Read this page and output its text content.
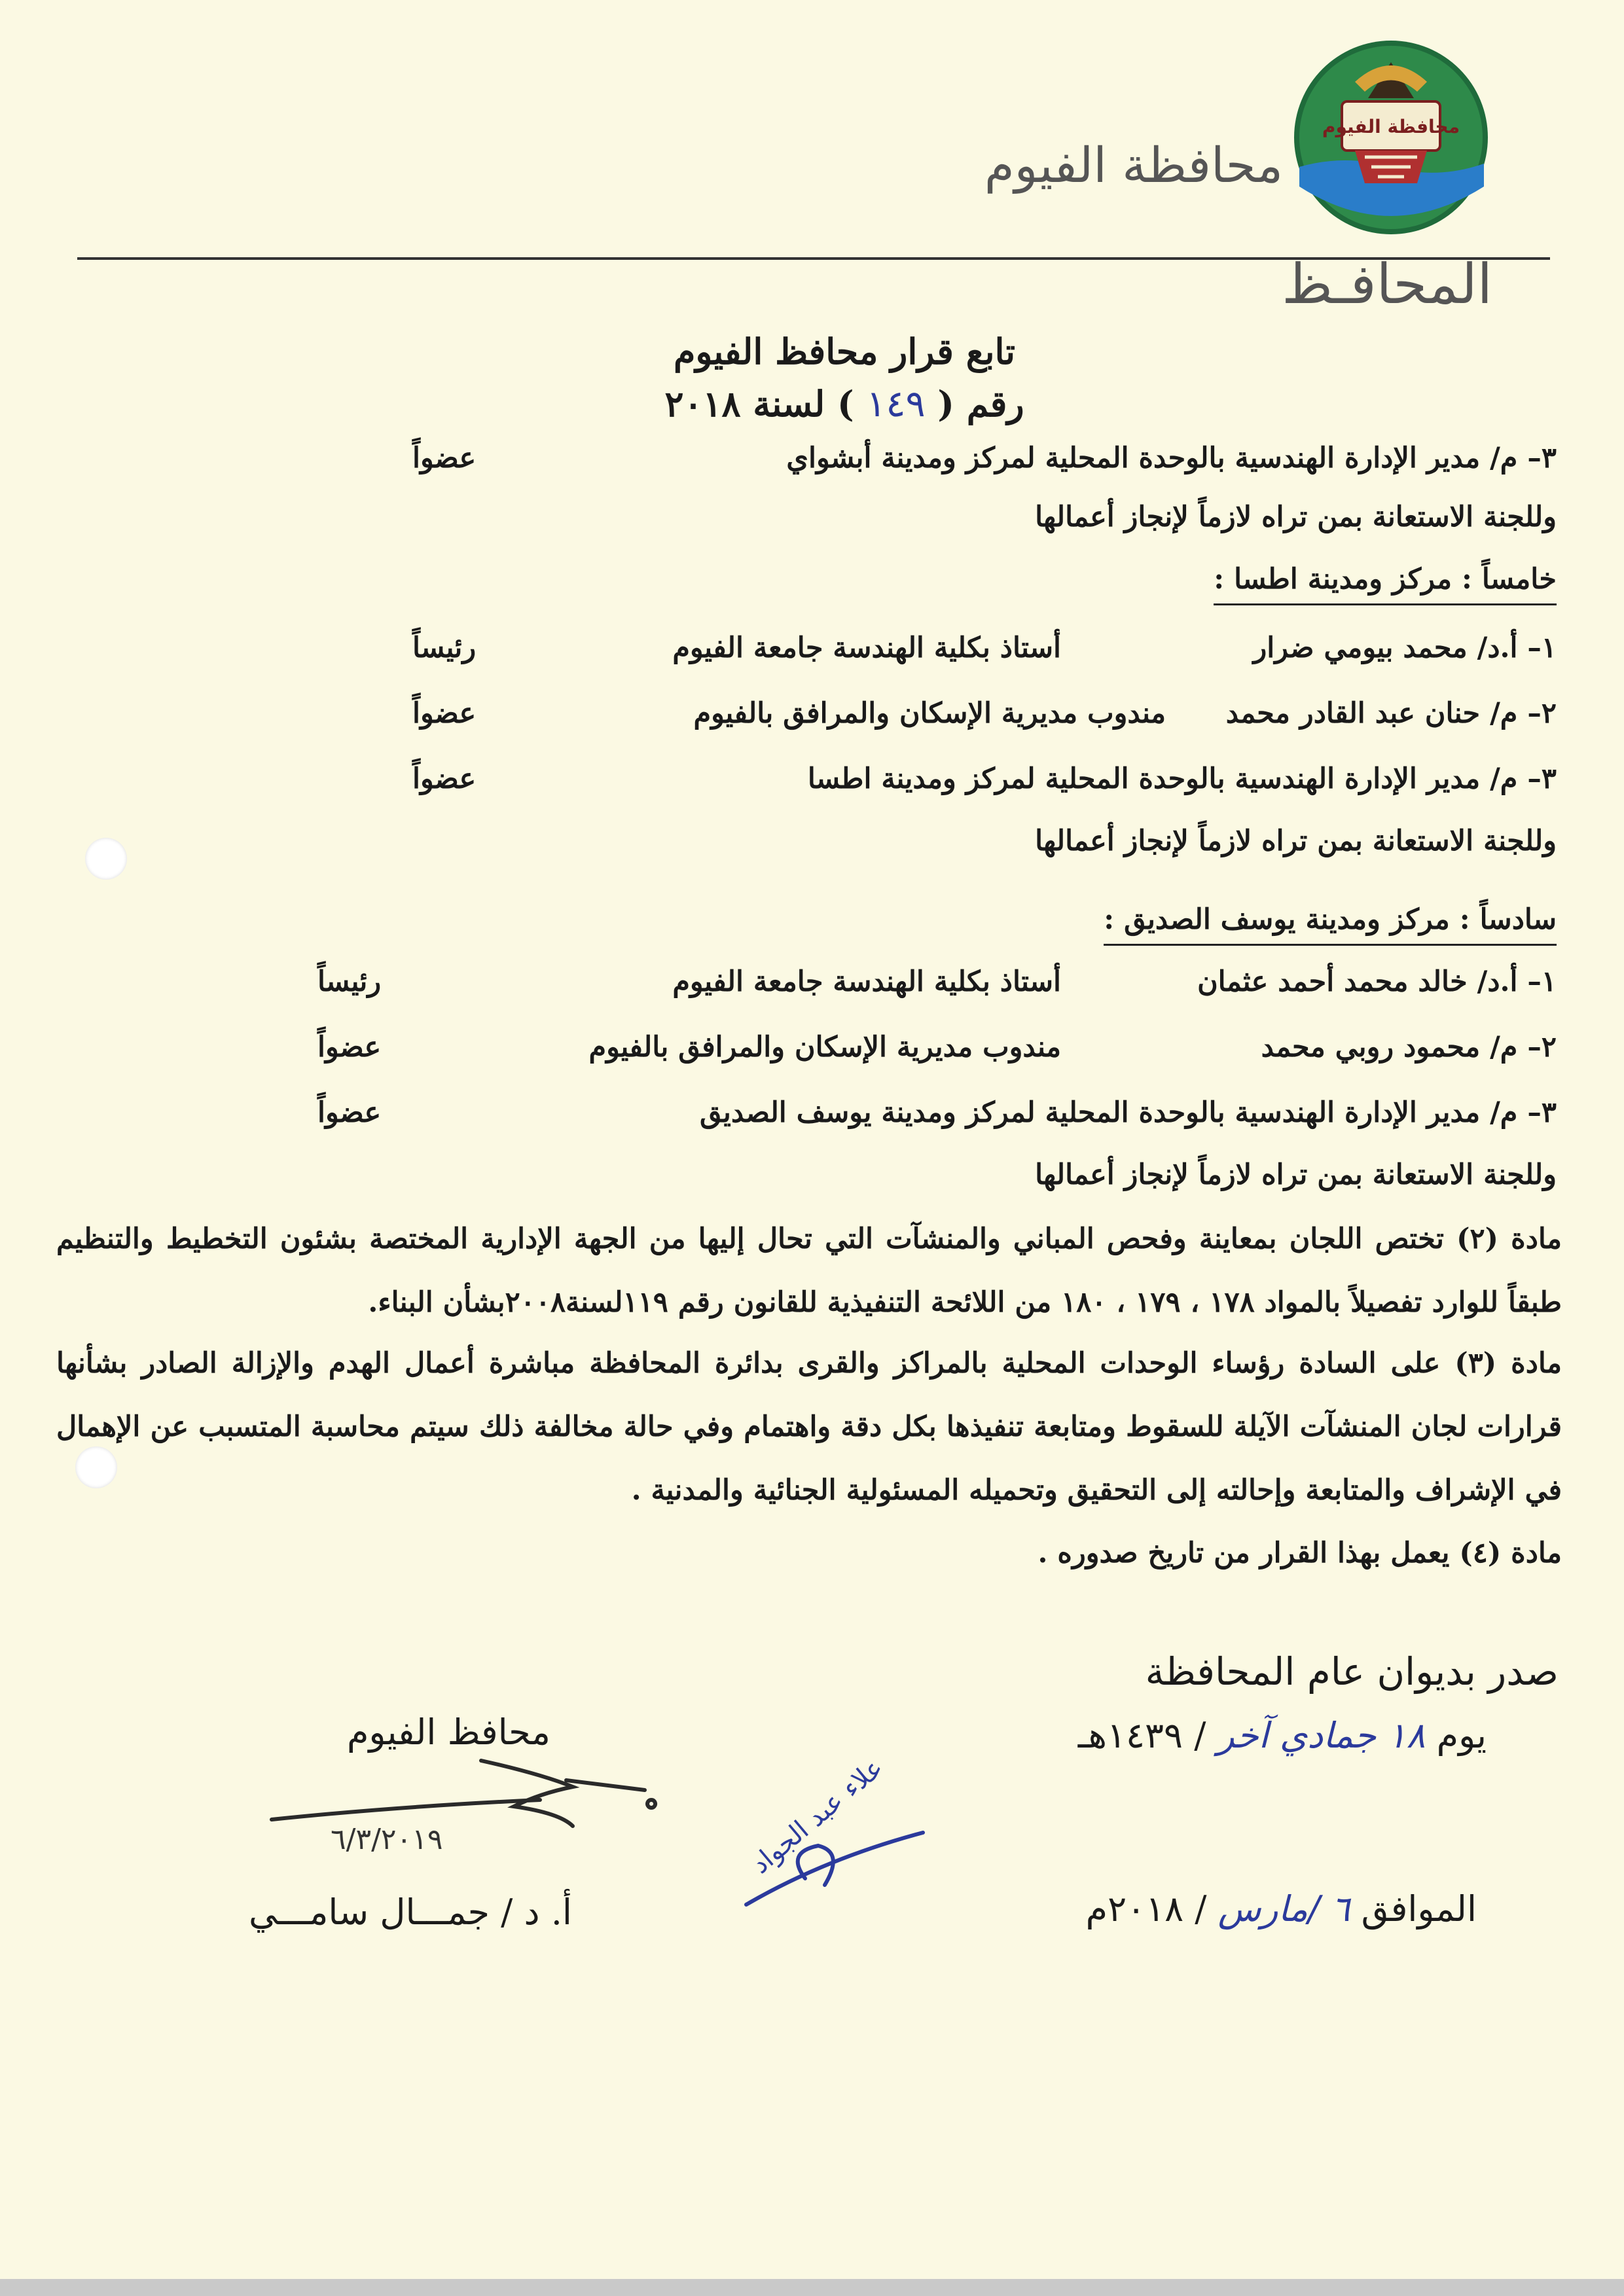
محافظة الفيوم
محافظة الفيوم
المحافـظ
تابع قرار محافظ الفيوم
رقم ( ١٤٩ ) لسنة ٢٠١٨
٣– م/ مدير الإدارة الهندسية بالوحدة المحلية لمركز ومدينة أبشواي
عضواً
وللجنة الاستعانة بمن تراه لازماً لإنجاز أعمالها
خامساً : مركز ومدينة اطسا :
١– أ.د/ محمد بيومي ضرار
أستاذ بكلية الهندسة جامعة الفيوم
رئيساً
٢– م/ حنان عبد القادر محمد
مندوب مديرية الإسكان والمرافق بالفيوم
عضواً
٣– م/ مدير الإدارة الهندسية بالوحدة المحلية لمركز ومدينة اطسا
عضواً
وللجنة الاستعانة بمن تراه لازماً لإنجاز أعمالها
سادساً : مركز ومدينة يوسف الصديق :
١– أ.د/ خالد محمد أحمد عثمان
أستاذ بكلية الهندسة جامعة الفيوم
رئيساً
٢– م/ محمود روبي محمد
مندوب مديرية الإسكان والمرافق بالفيوم
عضواً
٣– م/ مدير الإدارة الهندسية بالوحدة المحلية لمركز ومدينة يوسف الصديق
عضواً
وللجنة الاستعانة بمن تراه لازماً لإنجاز أعمالها
مادة (٢) تختص اللجان بمعاينة وفحص المباني والمنشآت التي تحال إليها من الجهة الإدارية المختصة بشئون التخطيط والتنظيم طبقاً للوارد تفصيلاً بالمواد ١٧٨ ، ١٧٩ ، ١٨٠ من اللائحة التنفيذية للقانون رقم ١١٩لسنة٢٠٠٨بشأن البناء.
مادة (٣) على السادة رؤساء الوحدات المحلية بالمراكز والقرى بدائرة المحافظة مباشرة أعمال الهدم والإزالة الصادر بشأنها قرارات لجان المنشآت الآيلة للسقوط ومتابعة تنفيذها بكل دقة واهتمام وفي حالة مخالفة ذلك سيتم محاسبة المتسبب عن الإهمال في الإشراف والمتابعة وإحالته إلى التحقيق وتحميله المسئولية الجنائية والمدنية .
مادة (٤) يعمل بهذا القرار من تاريخ صدوره .
صدر بديوان عام المحافظة
يوم ١٨ جمادي آخر / ١٤٣٩هـ
الموافق ٦ /مارس / ٢٠١٨م
محافظ الفيوم
٦/٣/٢٠١٩
أ. د / جمـــال سامـــي
علاء عبد الجواد
